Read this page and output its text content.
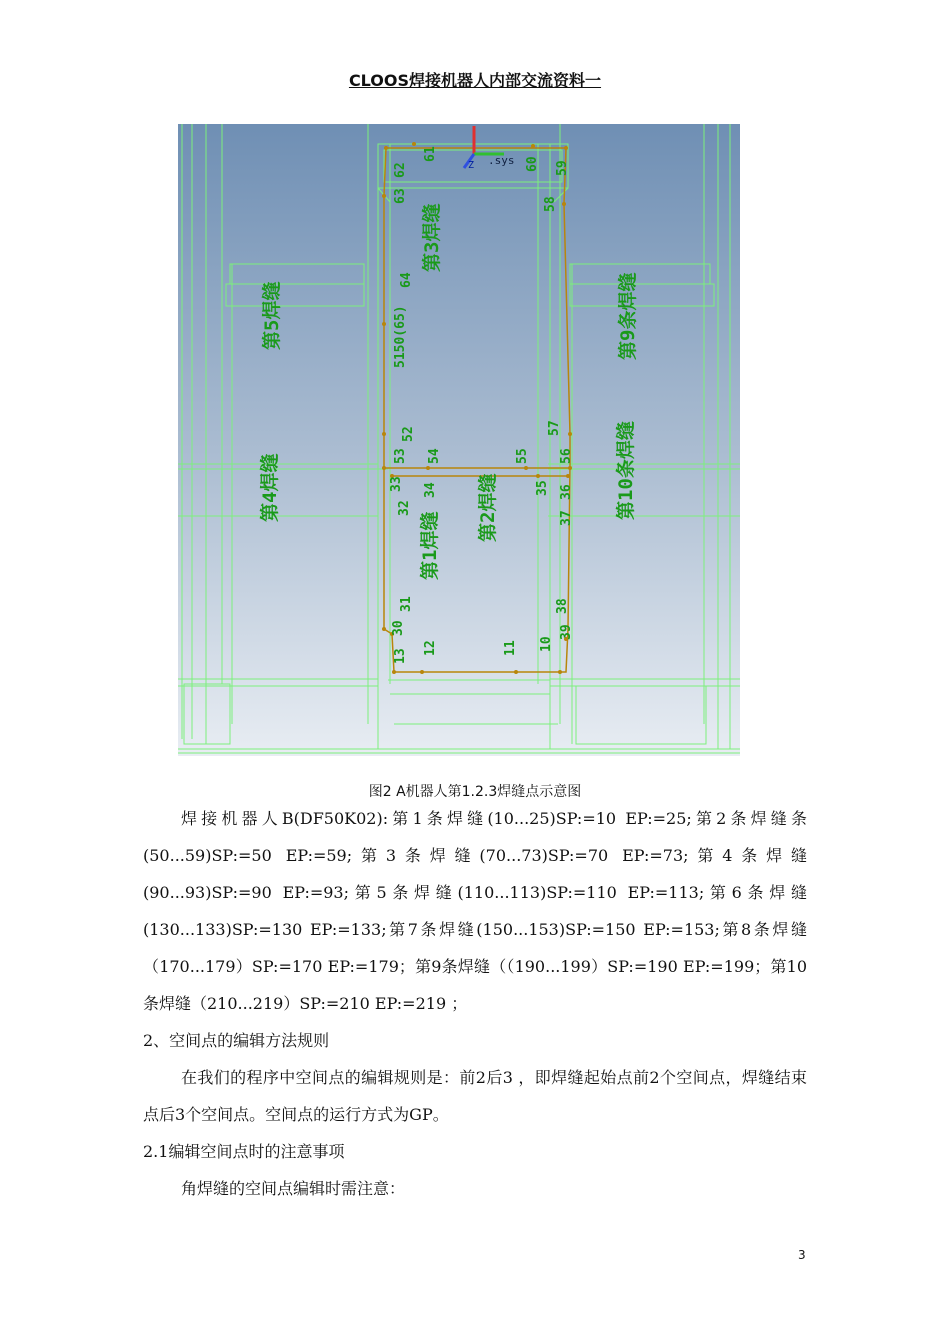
CLOOS焊接机器人内部交流资料一
Z .sys
第5焊缝
第3焊缝
第9条焊缝
第4焊缝	第10条焊缝
第1焊缝
第2焊缝
62
61
60 59
63
58
64
5150(65)
52
53 54	55
57
56
33
32
34	35 36
37
31
30
13
12	11 10
39
38
图2 A机器人第1.2.3焊缝点示意图

焊接机器人B(DF50K02):第1条焊缝(10...25)SP:=10 EP:=25;第2条焊缝条(50...59)SP:=50 EP:=59;第3条焊缝(70...73)SP:=70 EP:=73;第4条焊缝(90...93)SP:=90 EP:=93;第5条焊缝(110...113)SP:=110 EP:=113;第6条焊缝(130...133)SP:=130 EP:=133;第7条焊缝(150...153)SP:=150 EP:=153;第8条焊缝（170...179）SP:=170 EP:=179；第9条焊缝（（190...199）SP:=190 EP:=199；第10条焊缝（210...219）SP:=210 EP:=219 ；

2、空间点的编辑方法规则

在我们的程序中空间点的编辑规则是：前2后3 ，即焊缝起始点前2个空间点，焊缝结束点后3个空间点。空间点的运行方式为GP。

2.1编辑空间点时的注意事项

角焊缝的空间点编辑时需注意：

3
